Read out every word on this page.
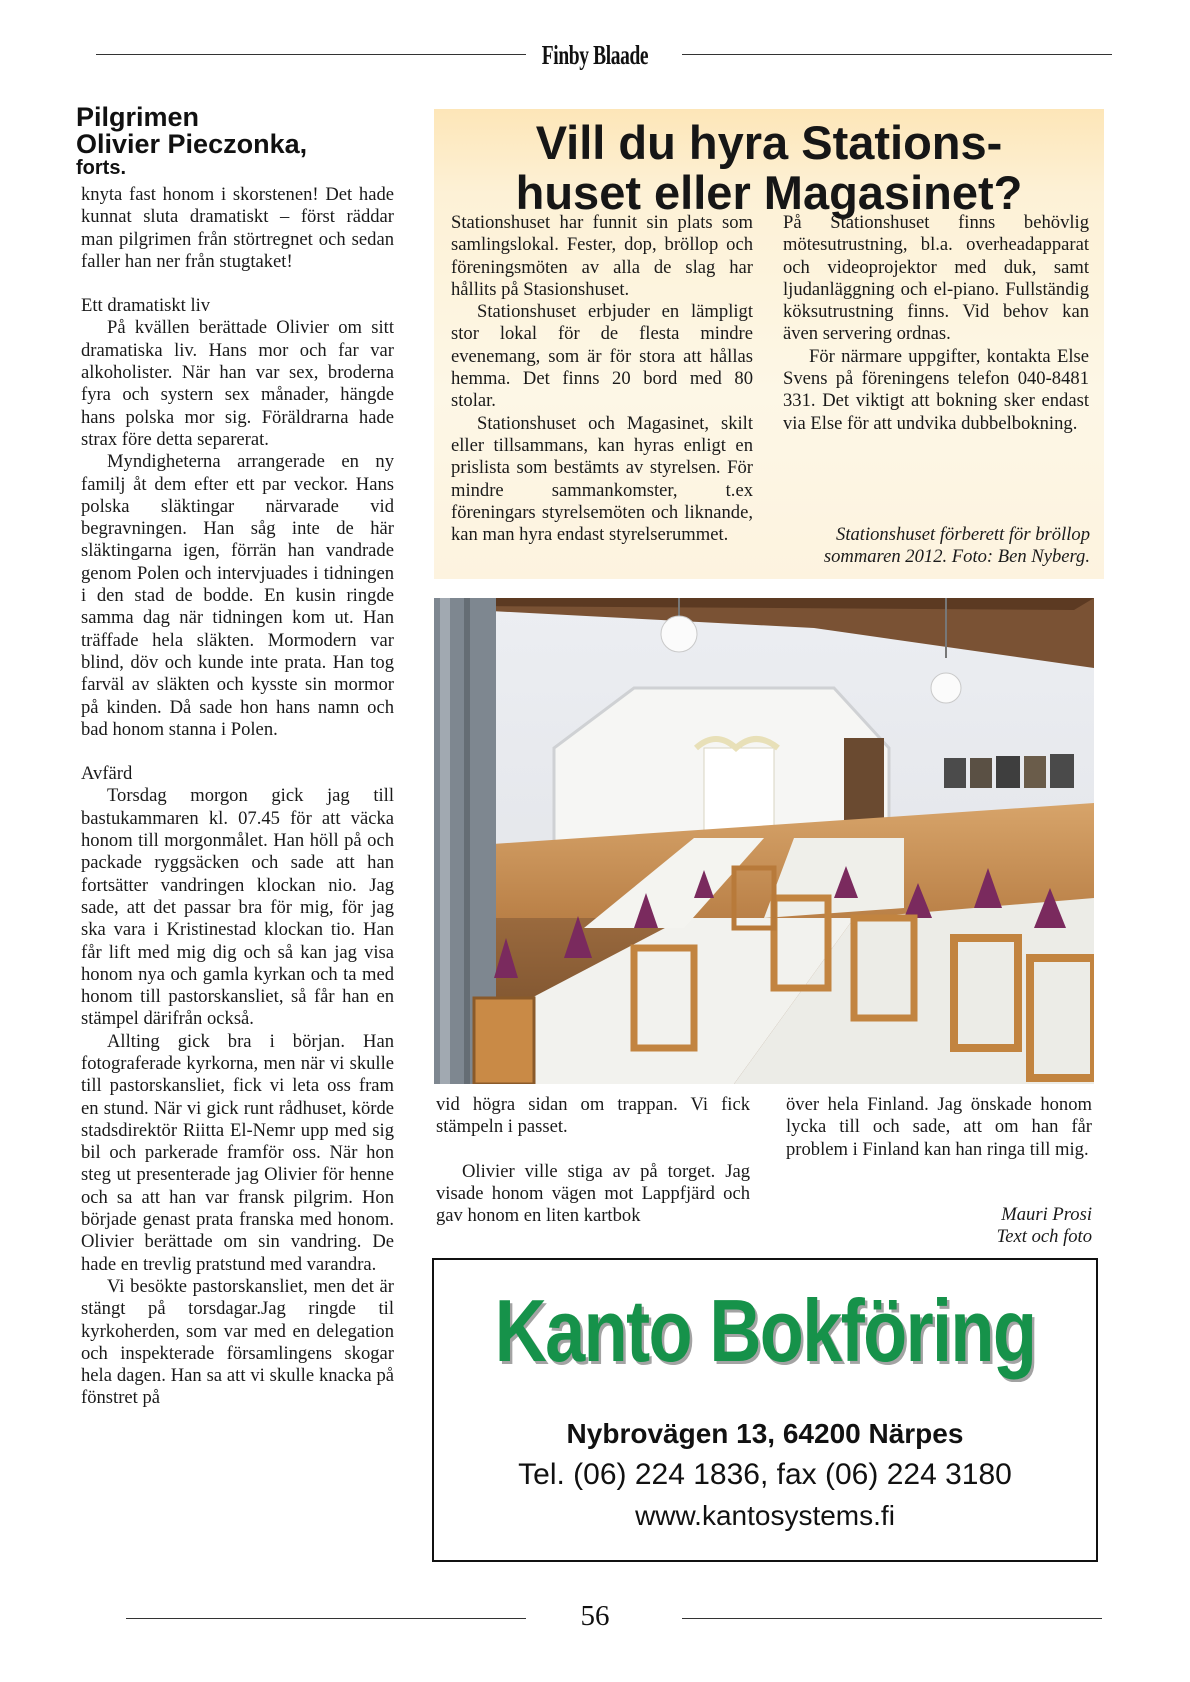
Finby Blaade
Pilgrimen
Olivier Pieczonka,
forts.

knyta fast honom i skorstenen! Det hade kunnat sluta dramatiskt – först räddar man pilgrimen från störtregnet och sedan faller han ner från stugtaket!

Ett dramatiskt liv

På kvällen berättade Olivier om sitt dramatiska liv. Hans mor och far var alkoholister. När han var sex, broderna fyra och systern sex månader, hängde hans polska mor sig. Föräldrarna hade strax före detta separerat.

Myndigheterna arrangerade en ny familj åt dem efter ett par veckor. Hans polska släktingar närvarade vid begravningen. Han såg inte de här släktingarna igen, förrän han vandrade genom Polen och intervjuades i tidningen i den stad de bodde. En kusin ringde samma dag när tidningen kom ut. Han träffade hela släkten. Mormodern var blind, döv och kunde inte prata. Han tog farväl av släkten och kysste sin mormor på kinden. Då sade hon hans namn och bad honom stanna i Polen.

Avfärd

Torsdag morgon gick jag till bastukammaren kl. 07.45 för att väcka honom till morgonmålet. Han höll på och packade ryggsäcken och sade att han fortsätter vandringen klockan nio. Jag sade, att det passar bra för mig, för jag ska vara i Kristinestad klockan tio. Han får lift med mig dig och så kan jag visa honom nya och gamla kyrkan och ta med honom till pastorskansliet, så får han en stämpel därifrån också.

Allting gick bra i början. Han fotograferade kyrkorna, men när vi skulle till pastorskansliet, fick vi leta oss fram en stund. När vi gick runt rådhuset, körde stadsdirektör Riitta El-Nemr upp med sig bil och parkerade framför oss. När hon steg ut presenterade jag Olivier för henne och sa att han var fransk pilgrim. Hon började genast prata franska med honom. Olivier berättade om sin vandring. De hade en trevlig pratstund med varandra.

Vi besökte pastorskansliet, men det är stängt på torsdagar.Jag ringde til kyrkoherden, som var med en delegation och inspekterade församlingens skogar hela dagen. Han sa att vi skulle knacka på fönstret på

Vill du hyra Stations-
huset eller Magasinet?

Stationshuset har funnit sin plats som samlingslokal. Fester, dop, bröllop och föreningsmöten av alla de slag har hållits på Stasionshuset.

Stationshuset erbjuder en lämpligt stor lokal för de flesta mindre evenemang, som är för stora att hållas hemma. Det finns 20 bord med 80 stolar.

Stationshuset och Magasinet, skilt eller tillsammans, kan hyras enligt en prislista som bestämts av styrelsen. För mindre sammankomster, t.ex föreningars styrelsemöten och liknande, kan man hyra endast styrelserummet.

På Stationshuset finns behövlig mötesutrustning, bl.a. overheadapparat och videoprojektor med duk, samt ljudanläggning och el-piano. Fullständig köksutrustning finns. Vid behov kan även servering ordnas.

För närmare uppgifter, kontakta Else Svens på föreningens telefon 040-8481 331. Det viktigt att bokning sker endast via Else för att undvika dubbelbokning.

Stationshuset förberett för bröllop
sommaren 2012. Foto: Ben Nyberg.

vid högra sidan om trappan. Vi fick stämpeln i passet.

Olivier ville stiga av på torget. Jag visade honom vägen mot Lappfjärd och gav honom en liten kartbok

över hela Finland. Jag önskade honom lycka till och sade, att om han får problem i Finland kan han ringa till mig.

Mauri Prosi
Text och foto
Kanto Bokföring
Nybrovägen 13, 64200 Närpes
Tel. (06) 224 1836, fax (06) 224 3180
www.kantosystems.fi
56
